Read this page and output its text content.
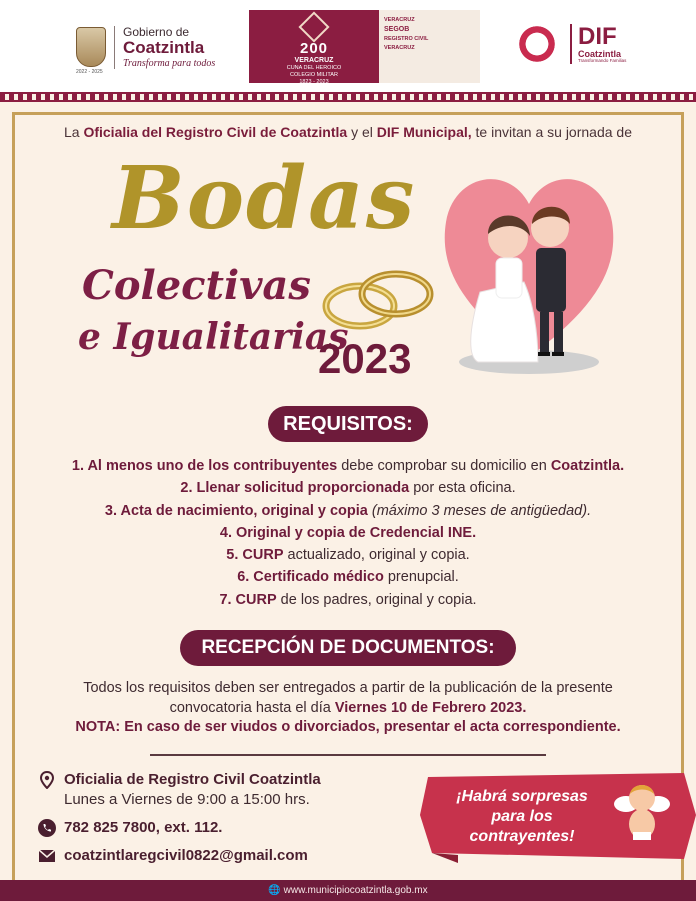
2022 - 2025
Gobierno de
Coatzintla
Transforma para todos
200
VERACRUZ
CUNA DEL HEROICO
COLEGIO MILITAR
1823 - 2023
VERACRUZ
SEGOB
REGISTRO CIVIL
VERACRUZ	DIF
Coatzintla
Transformando Familias
La Oficialia del Registro Civil de Coatzintla y el DIF Municipal, te invitan a su jornada de
Bodas
Colectivas
e Igualitarias
2023
REQUISITOS:
1. Al menos uno de los contribuyentes debe comprobar su domicilio en Coatzintla.
2. Llenar solicitud proporcionada por esta oficina.
3. Acta de nacimiento, original y copia (máximo 3 meses de antigüedad).
4. Original y copia de Credencial INE.
5. CURP actualizado, original y copia.
6. Certificado médico prenupcial.
7. CURP de los padres, original y copia.
RECEPCIÓN DE DOCUMENTOS:
Todos los requisitos deben ser entregados a partir de la publicación de la presente
convocatoria hasta el día Viernes 10 de Febrero 2023.
NOTA: En caso de ser viudos o divorciados, presentar el acta correspondiente.
Oficialia de Registro Civil Coatzintla
Lunes a Viernes de 9:00 a 15:00 hrs.
782 825 7800, ext. 112.
coatzintlaregcivil0822@gmail.com
¡Habrá sorpresas
para los
contrayentes!
🌐 www.municipiocoatzintla.gob.mx
